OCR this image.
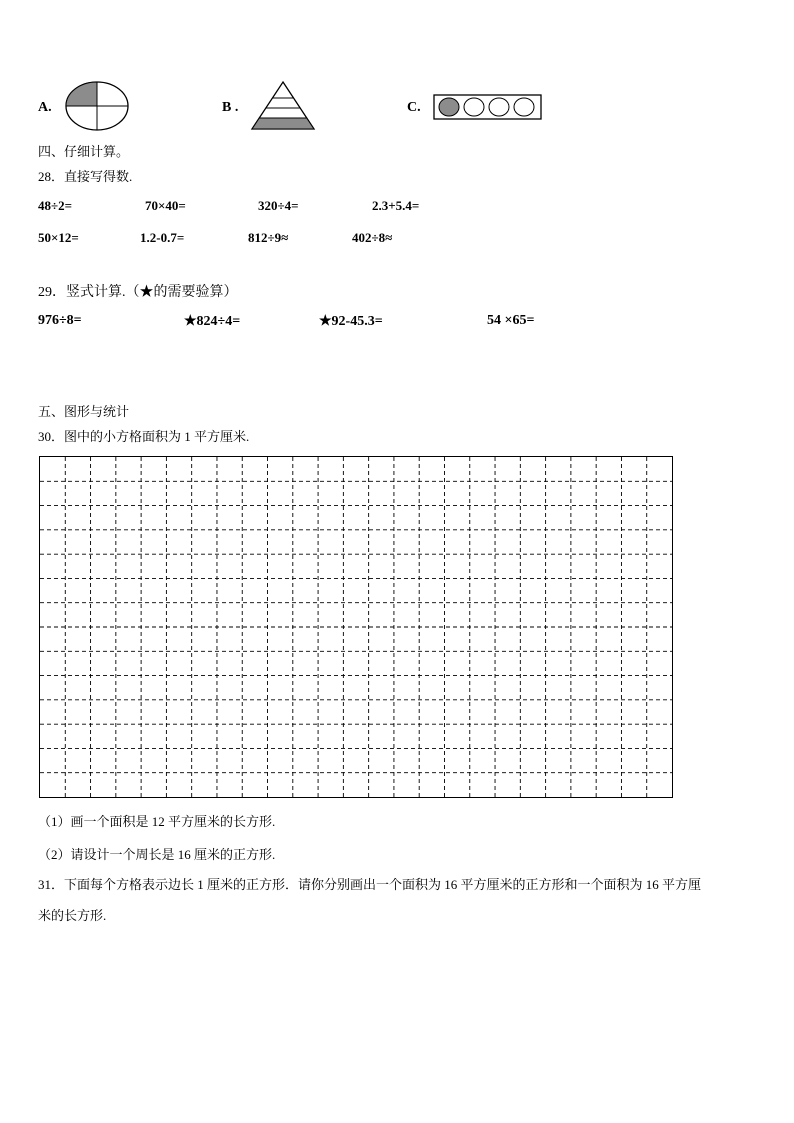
A.	B .	C.
四、仔细计算。
28．直接写得数.
48÷2=	70×40=	320÷4=	2.3+5.4=
50×12=	1.2-0.7=	812÷9≈	402÷8≈
29．竖式计算.（★的需要验算）
976÷8=	★824÷4=	★92-45.3=	54 ×65=
五、图形与统计
30．图中的小方格面积为 1 平方厘米.
（1）画一个面积是 12 平方厘米的长方形.
（2）请设计一个周长是 16 厘米的正方形.
31．下面每个方格表示边长 1 厘米的正方形．请你分别画出一个面积为 16 平方厘米的正方形和一个面积为 16 平方厘
米的长方形.
